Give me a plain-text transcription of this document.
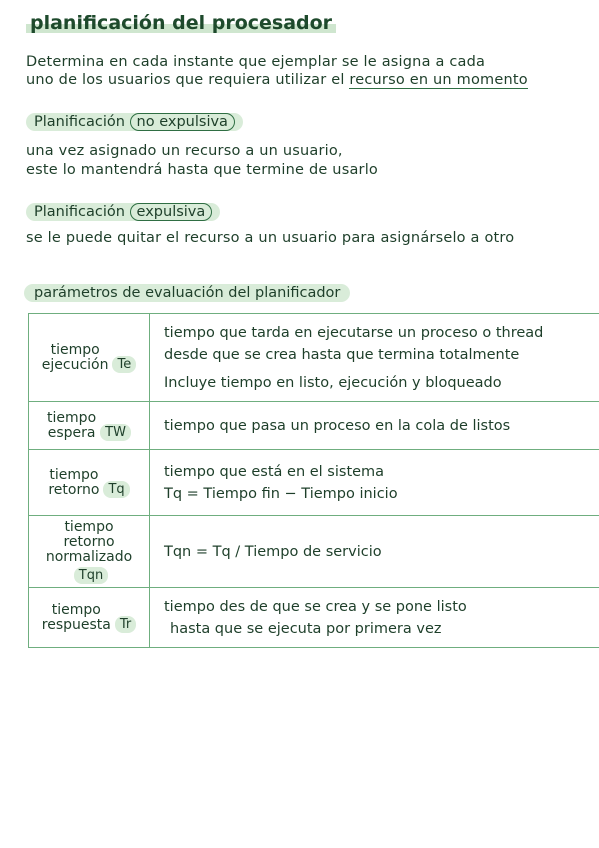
planificación del procesador
Determina en cada instante que ejemplar se le asigna a cada
uno de los usuarios que requiera utilizar el recurso en un momento
Planificación no expulsiva
una vez asignado un recurso a un usuario,
este lo mantendrá hasta que termine de usarlo
Planificación expulsiva
se le puede quitar el recurso a un usuario para asignárselo a otro
parámetros de evaluación del planificador
tiempo
ejecución Te	tiempo que tarda en ejecutarse un proceso o thread
desde que se crea hasta que termina totalmente
Incluye tiempo en listo, ejecución y bloqueado

tiempo
espera TW	tiempo que pasa un proceso en la cola de listos

tiempo
retorno Tq	tiempo que está en el sistema
Tq = Tiempo fin − Tiempo inicio

tiempo
retorno
normalizadoTqn	Tqn = Tq / Tiempo de servicio

tiempo
respuesta Tr	tiempo des de que se crea y se pone listo
hasta que se ejecuta por primera vez
